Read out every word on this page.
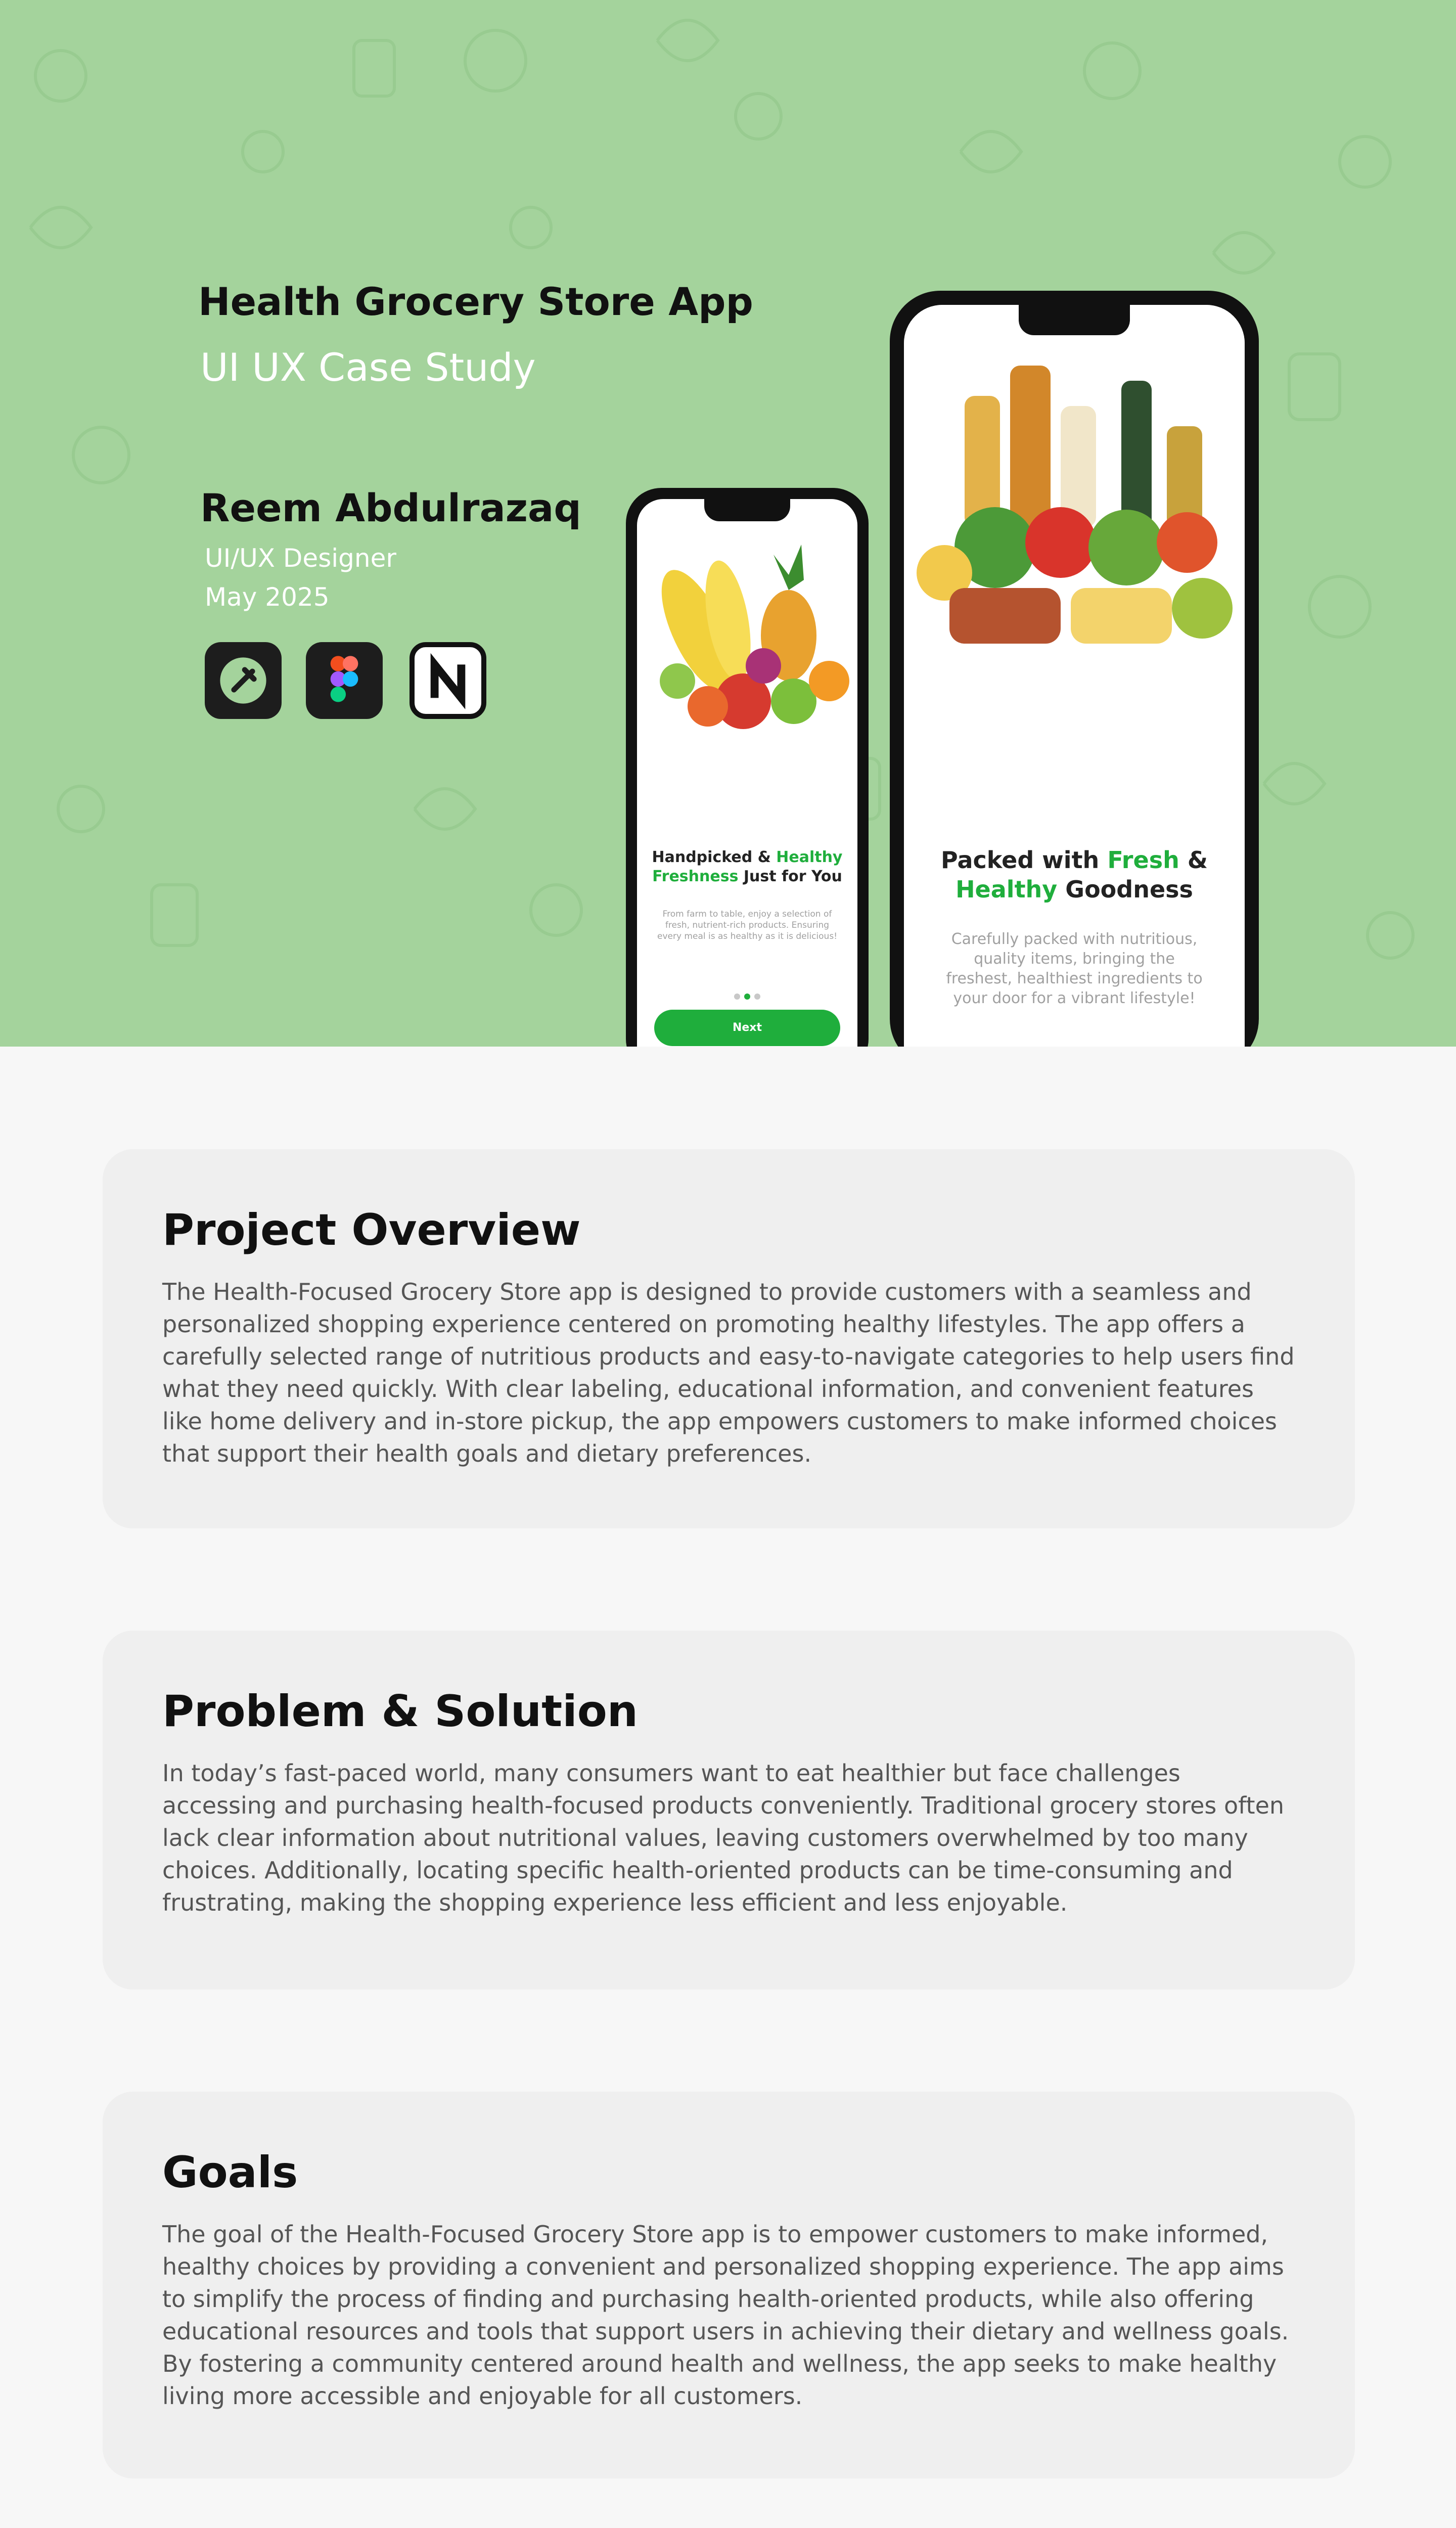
Health Grocery Store App
UI UX Case Study
Reem Abdulrazaq
UI/UX Designer
May 2025
Handpicked & Healthy
Freshness Just for You
From farm to table, enjoy a selection of fresh, nutrient-rich products. Ensuring every meal is as healthy as it is delicious!
Next
Packed with Fresh &
Healthy Goodness
Carefully packed with nutritious, quality items, bringing the freshest, healthiest ingredients to your door for a vibrant lifestyle!
Project Overview

The Health-Focused Grocery Store app is designed to provide customers with a seamless and personalized shopping experience centered on promoting healthy lifestyles. The app offers a carefully selected range of nutritious products and easy-to-navigate categories to help users find what they need quickly. With clear labeling, educational information, and convenient features like home delivery and in-store pickup, the app empowers customers to make informed choices that support their health goals and dietary preferences.

Problem & Solution

In today’s fast-paced world, many consumers want to eat healthier but face challenges accessing and purchasing health-focused products conveniently. Traditional grocery stores often lack clear information about nutritional values, leaving customers overwhelmed by too many choices. Additionally, locating specific health-oriented products can be time-consuming and frustrating, making the shopping experience less efficient and less enjoyable.

Goals

The goal of the Health-Focused Grocery Store app is to empower customers to make informed, healthy choices by providing a convenient and personalized shopping experience. The app aims to simplify the process of finding and purchasing health-oriented products, while also offering educational resources and tools that support users in achieving their dietary and wellness goals. By fostering a community centered around health and wellness, the app seeks to make healthy living more accessible and enjoyable for all customers.
